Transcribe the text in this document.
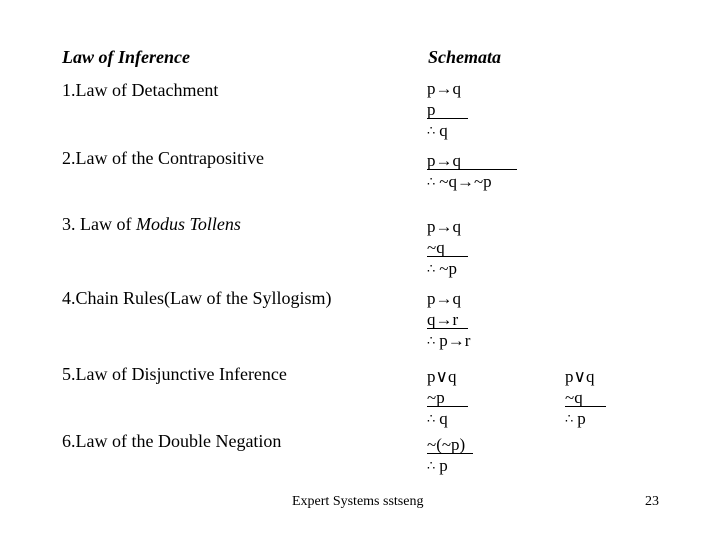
Law of Inference	Schemata
1.Law of Detachment
2.Law of the Contrapositive
3. Law of Modus Tollens
4.Chain Rules(Law of the Syllogism)
5.Law of Disjunctive Inference
6.Law of the Double Negation
p→q
p
∴ q
p→q
∴ ~q→~p
p→q
~q
∴ ~p
p→q
q→r
∴ p→r
p∨q
~p
∴ q
p∨q
~q
∴ p
~(~p)
∴ p
Expert Systems sstseng	23
